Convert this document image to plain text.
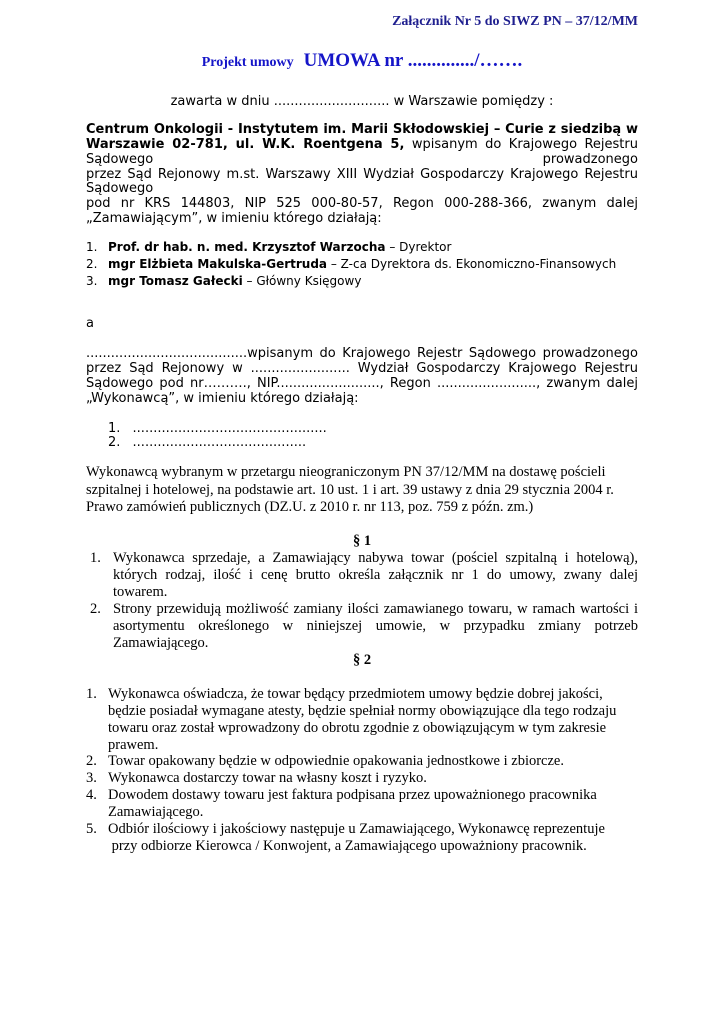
Załącznik Nr 5 do SIWZ PN – 37/12/MM
Projekt umowy UMOWA nr ............../…….
zawarta w dniu ............................ w Warszawie pomiędzy :
Centrum Onkologii - Instytutem im. Marii Skłodowskiej – Curie z siedzibą w
Warszawie 02-781, ul. W.K. Roentgena 5, wpisanym do Krajowego Rejestru
Sądowego	prowadzonego
przez Sąd Rejonowy m.st. Warszawy XIII Wydział Gospodarczy Krajowego Rejestru
Sądowego
pod nr KRS 144803, NIP 525 000-80-57, Regon 000-288-366, zwanym dalej
„Zamawiającym”, w imieniu którego działają:
1. Prof. dr hab. n. med. Krzysztof Warzocha – Dyrektor
2. mgr Elżbieta Makulska-Gertruda – Z-ca Dyrektora ds. Ekonomiczno-Finansowych
3. mgr Tomasz Gałecki – Główny Księgowy
a
.......................................wpisanym do Krajowego Rejestr Sądowego prowadzonego
przez Sąd Rejonowy w ........................ Wydział Gospodarczy Krajowego Rejestru
Sądowego pod nr………., NIP........................., Regon ........................, zwanym dalej
„Wykonawcą”, w imieniu którego działają:
1. ...............................................
2. ..........................................
Wykonawcą wybranym w przetargu nieograniczonym PN 37/12/MM na dostawę pościeli
szpitalnej i hotelowej, na podstawie art. 10 ust. 1 i art. 39 ustawy z dnia 29 stycznia 2004 r.
Prawo zamówień publicznych (DZ.U. z 2010 r. nr 113, poz. 759 z późn. zm.)
§ 1
1. Wykonawca sprzedaje, a Zamawiający nabywa towar (pościel szpitalną i hotelową),
których rodzaj, ilość i cenę brutto określa załącznik nr 1 do umowy, zwany dalej
towarem.
2. Strony przewidują możliwość zamiany ilości zamawianego towaru, w ramach wartości i
asortymentu określonego w niniejszej umowie, w przypadku zmiany potrzeb
Zamawiającego.
§ 2
1. Wykonawca oświadcza, że towar będący przedmiotem umowy będzie dobrej jakości,
będzie posiadał wymagane atesty, będzie spełniał normy obowiązujące dla tego rodzaju
towaru oraz został wprowadzony do obrotu zgodnie z obowiązującym w tym zakresie
prawem.
2. Towar opakowany będzie w odpowiednie opakowania jednostkowe i zbiorcze.
3. Wykonawca dostarczy towar na własny koszt i ryzyko.
4. Dowodem dostawy towaru jest faktura podpisana przez upoważnionego pracownika
Zamawiającego.
5. Odbiór ilościowy i jakościowy następuje u Zamawiającego, Wykonawcę reprezentuje
przy odbiorze Kierowca / Konwojent, a Zamawiającego upoważniony pracownik.
